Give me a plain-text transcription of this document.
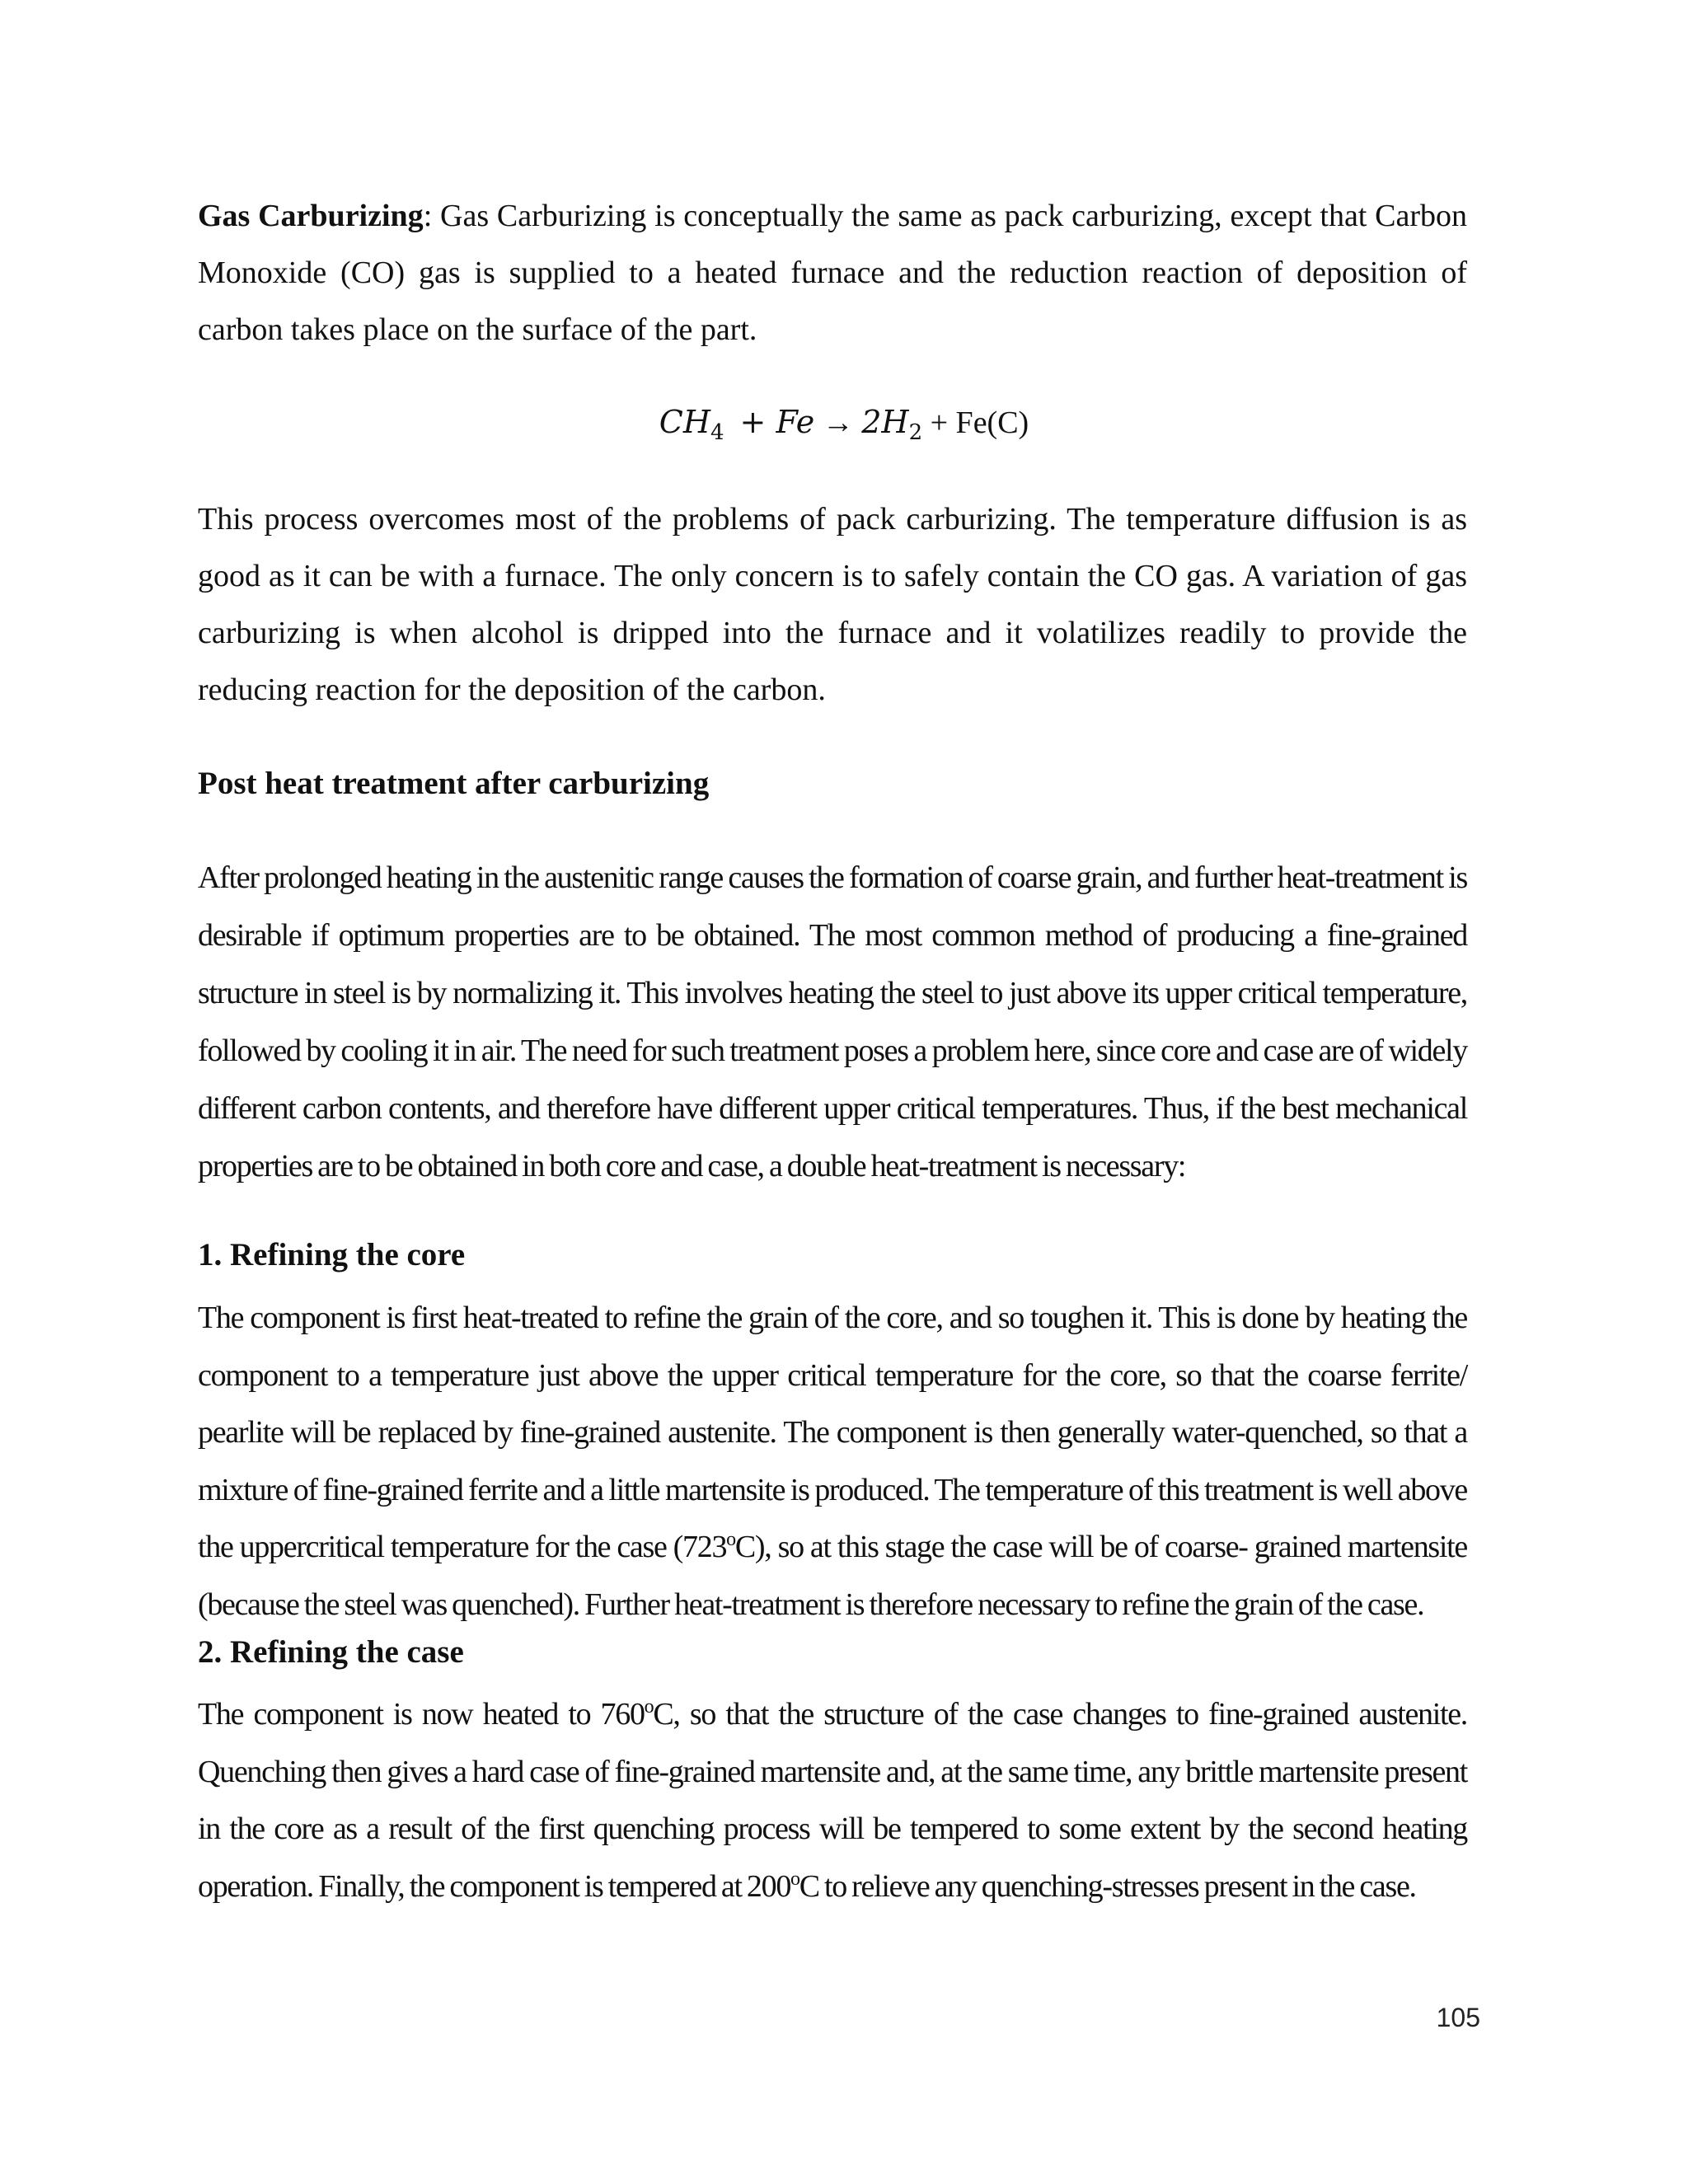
Gas Carburizing: Gas Carburizing is conceptually the same as pack carburizing, except that Carbon Monoxide (CO) gas is supplied to a heated furnace and the reduction reaction of deposition of carbon takes place on the surface of the part.

$CH_4 + Fe \to 2H_2 + Fe(C)$

This process overcomes most of the problems of pack carburizing. The temperature diffusion is as good as it can be with a furnace. The only concern is to safely contain the CO gas. A variation of gas carburizing is when alcohol is dripped into the furnace and it volatilizes readily to provide the reducing reaction for the deposition of the carbon.

Post heat treatment after carburizing

After prolonged heating in the austenitic range causes the formation of coarse grain, and further heat-treatment is desirable if optimum properties are to be obtained. The most common method of producing a fine-grained structure in steel is by normalizing it. This involves heating the steel to just above its upper critical temperature, followed by cooling it in air. The need for such treatment poses a problem here, since core and case are of widely different carbon contents, and therefore have different upper critical temperatures. Thus, if the best mechanical properties are to be obtained in both core and case, a double heat-treatment is necessary:

1. Refining the core

The component is first heat-treated to refine the grain of the core, and so toughen it. This is done by heating the component to a temperature just above the upper critical temperature for the core, so that the coarse ferrite/ pearlite will be replaced by fine-grained austenite. The component is then generally water-quenched, so that a mixture of fine-grained ferrite and a little martensite is produced. The temperature of this treatment is well above the uppercritical temperature for the case (723$^o$C), so at this stage the case will be of coarse- grained martensite (because the steel was quenched). Further heat-treatment is therefore necessary to refine the grain of the case.

2. Refining the case

The component is now heated to 760$^o$C, so that the structure of the case changes to fine-grained austenite. Quenching then gives a hard case of fine-grained martensite and, at the same time, any brittle martensite present in the core as a result of the first quenching process will be tempered to some extent by the second heating operation. Finally, the component is tempered at 200$^o$C to relieve any quenching-stresses present in the case.

105
